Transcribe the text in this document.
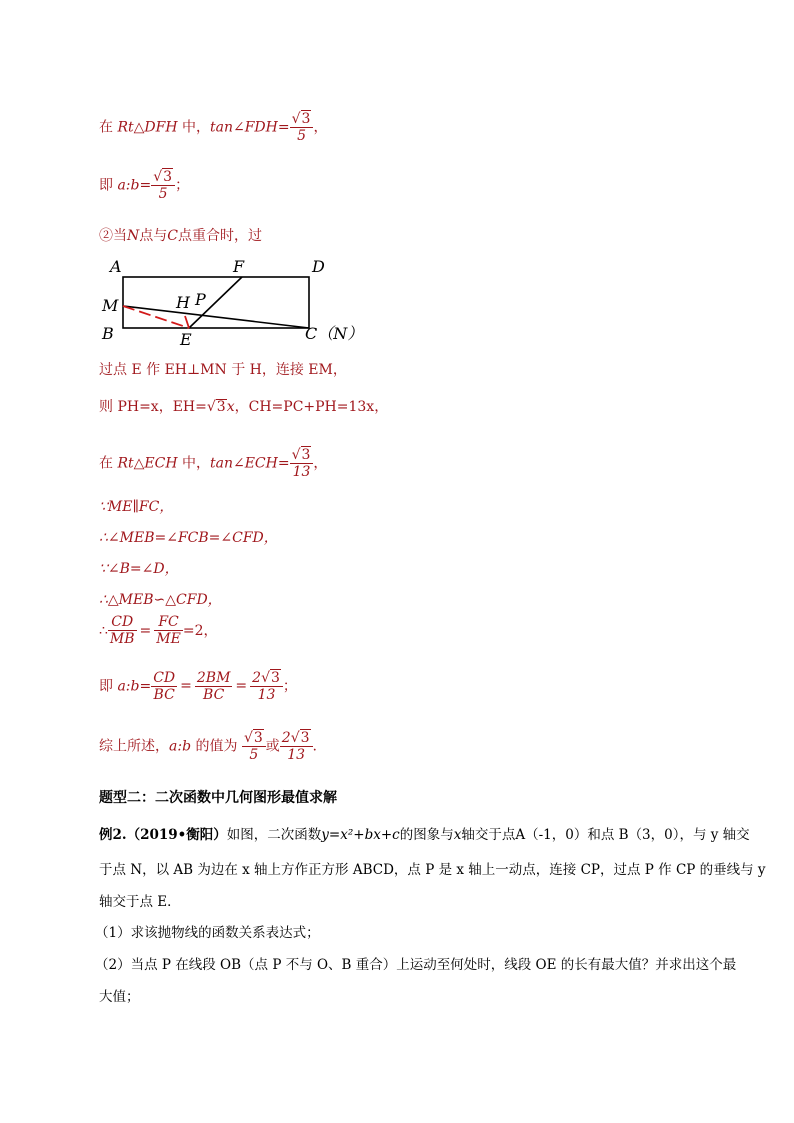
在 Rt△DFH 中，tan∠FDH= $\frac{√3}{5}$ ，
即 a:b= $\frac{√3}{5}$ ；
②当N点与C点重合时，过
A	F	D
M	H P
B	E	C（N）
过点 E 作 EH⊥MN 于 H，连接 EM，
则 PH=x，EH=√3x，CH=PC+PH=13x，
在 Rt△ECH 中，tan∠ECH= $\frac{√3}{13}$ ，
∵ME∥FC，
∴∠MEB=∠FCB=∠CFD，
∵∠B=∠D，
∴△MEB∽△CFD，
∴ $\frac{CD}{MB} = \frac{FC}{ME} =2$，
即 a:b= $\frac{CD}{BC} = \frac{2BM}{BC} = \frac{2√3}{13}$ ；
综上所述，a:b 的值为 $\frac{√3}{5}$ 或 $\frac{2√3}{13}$ .
题型二：二次函数中几何图形最值求解
例2.（2019•衡阳）如图，二次函数y=x²+bx+c的图象与x轴交于点A（-1，0）和点 B（3，0），与 y 轴交
于点 N，以 AB 为边在 x 轴上方作正方形 ABCD，点 P 是 x 轴上一动点，连接 CP，过点 P 作 CP 的垂线与 y
轴交于点 E．
（1）求该抛物线的函数关系表达式；
（2）当点 P 在线段 OB（点 P 不与 O、B 重合）上运动至何处时，线段 OE 的长有最大值？并求出这个最
大值；
